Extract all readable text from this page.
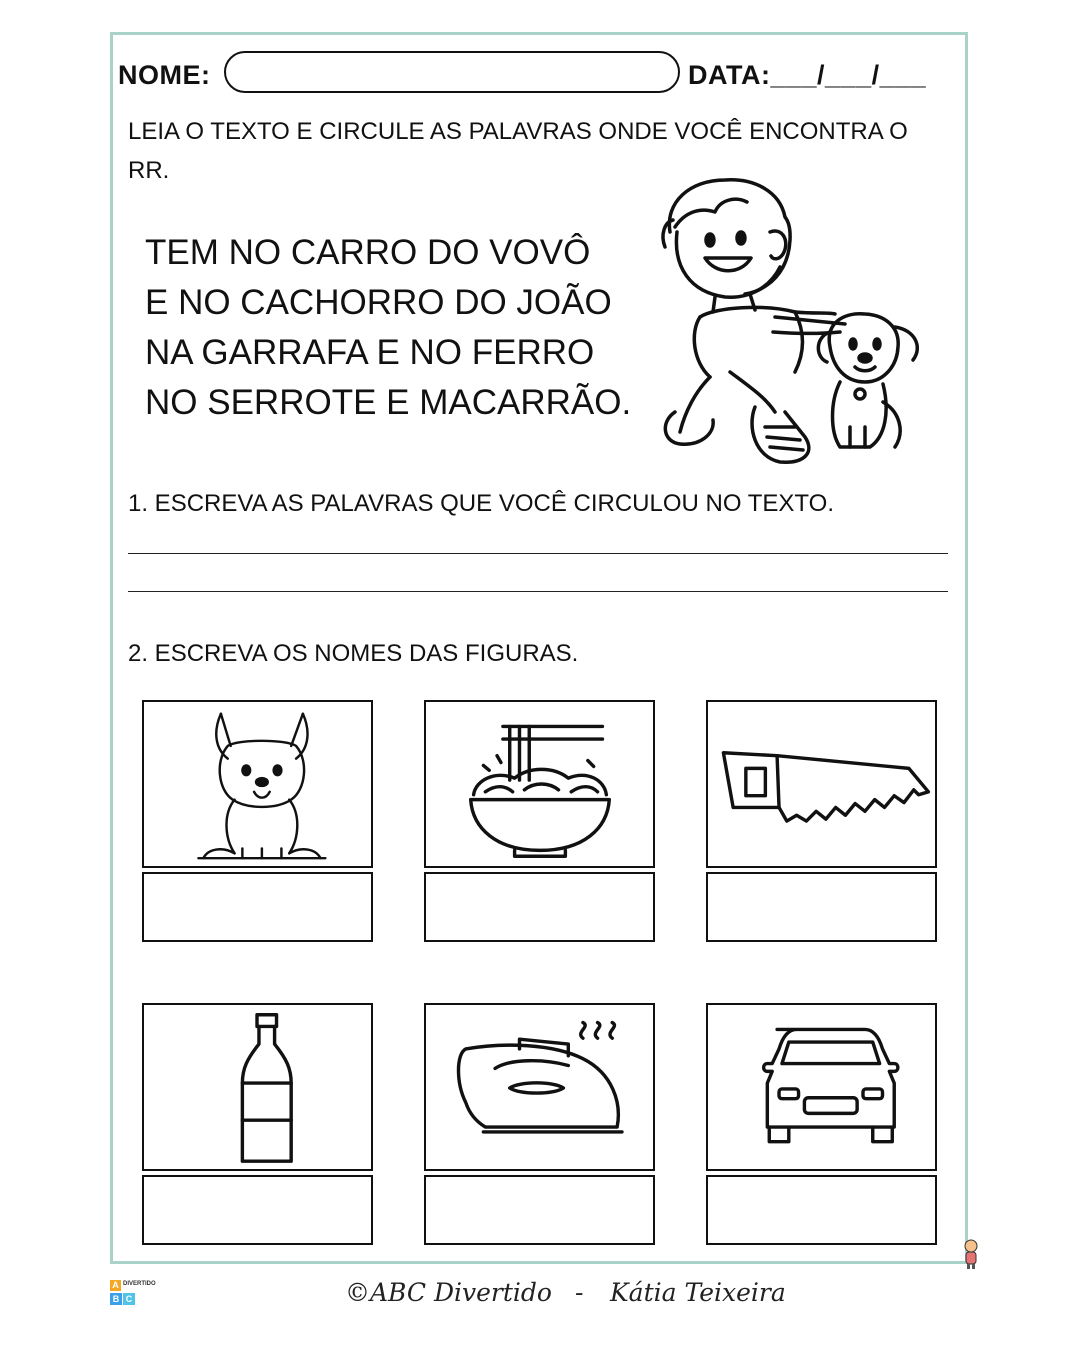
NOME:	DATA:___/___/___
LEIA O TEXTO E CIRCULE AS PALAVRAS ONDE VOCÊ ENCONTRA O
RR.
TEM NO CARRO DO VOVÔ
E NO CACHORRO DO JOÃO
NA GARRAFA E NO FERRO
NO SERROTE E MACARRÃO.
1. ESCREVA AS PALAVRAS QUE VOCÊ CIRCULOU NO TEXTO.
2. ESCREVA OS NOMES DAS FIGURAS.
A DIVERTIDO
B C	©ABC Divertido - Kátia Teixeira
